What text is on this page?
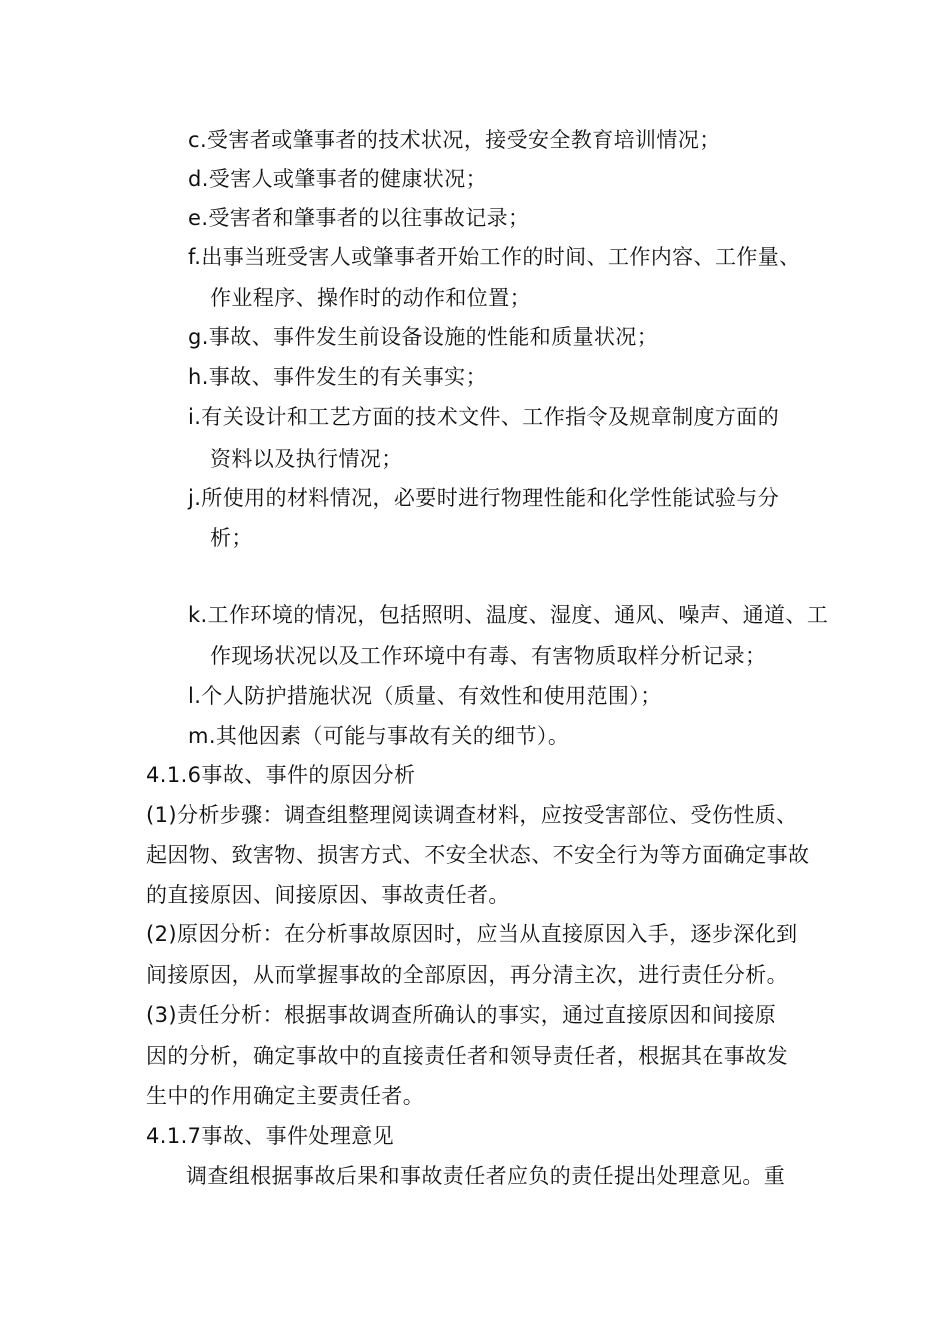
c.受害者或肇事者的技术状况，接受安全教育培训情况；
d.受害人或肇事者的健康状况；
e.受害者和肇事者的以往事故记录；
f.出事当班受害人或肇事者开始工作的时间、工作内容、工作量、
作业程序、操作时的动作和位置；
g.事故、事件发生前设备设施的性能和质量状况；
h.事故、事件发生的有关事实；
i.有关设计和工艺方面的技术文件、工作指令及规章制度方面的
资料以及执行情况；
j.所使用的材料情况，必要时进行物理性能和化学性能试验与分
析；
k.工作环境的情况，包括照明、温度、湿度、通风、噪声、通道、工
作现场状况以及工作环境中有毒、有害物质取样分析记录；
l.个人防护措施状况（质量、有效性和使用范围）；
m.其他因素（可能与事故有关的细节）。
4.1.6事故、事件的原因分析
(1)分析步骤：调查组整理阅读调查材料，应按受害部位、受伤性质、
起因物、致害物、损害方式、不安全状态、不安全行为等方面确定事故
的直接原因、间接原因、事故责任者。
(2)原因分析：在分析事故原因时，应当从直接原因入手，逐步深化到
间接原因，从而掌握事故的全部原因，再分清主次，进行责任分析。
(3)责任分析：根据事故调查所确认的事实，通过直接原因和间接原
因的分析，确定事故中的直接责任者和领导责任者，根据其在事故发
生中的作用确定主要责任者。
4.1.7事故、事件处理意见
调查组根据事故后果和事故责任者应负的责任提出处理意见。重
